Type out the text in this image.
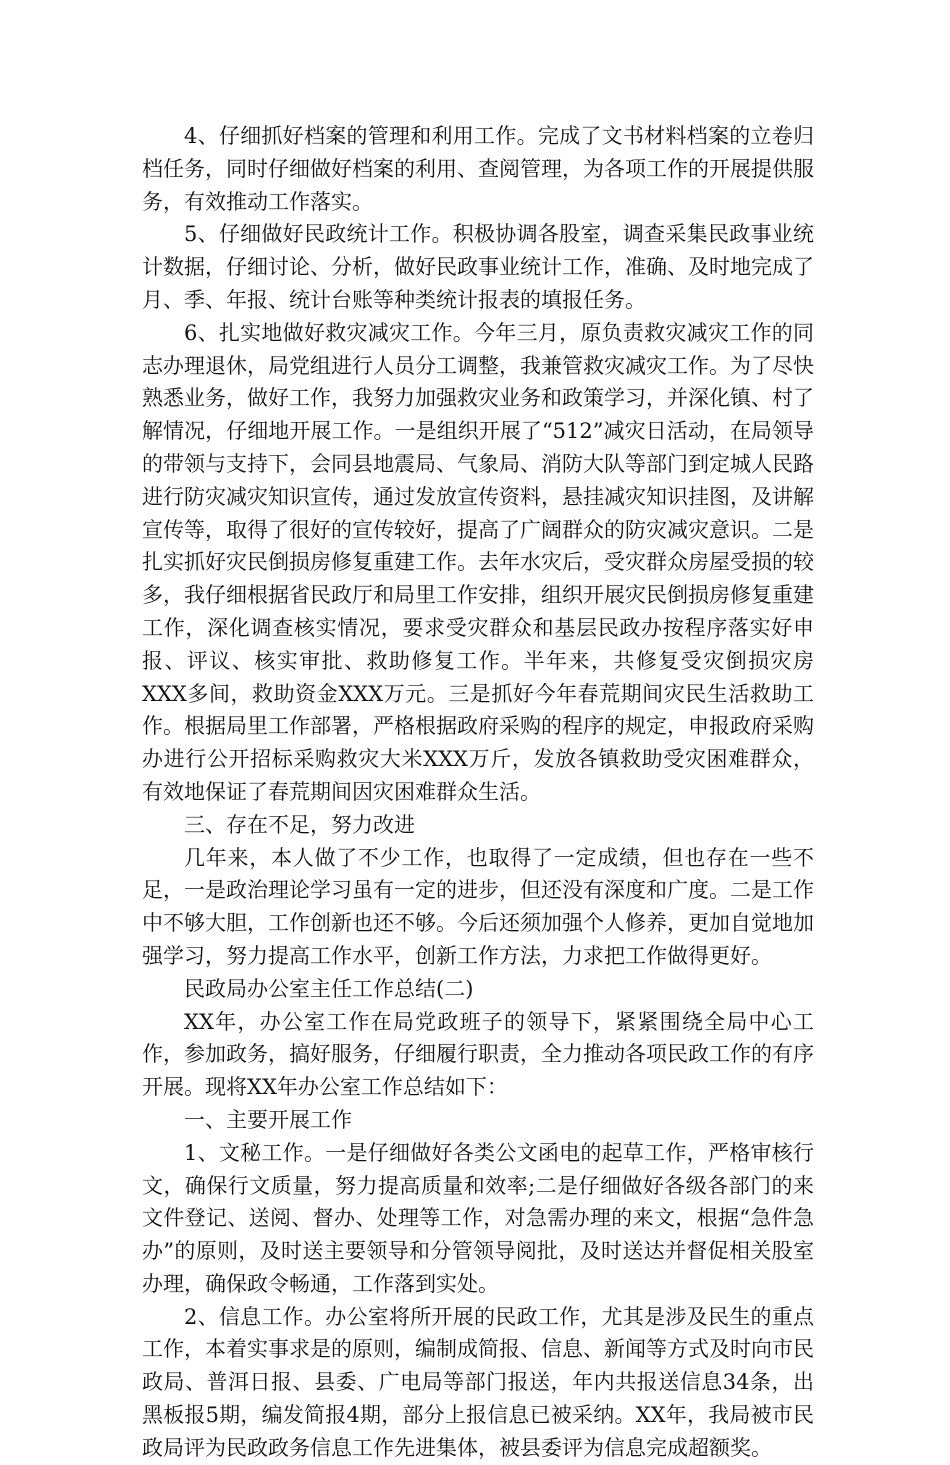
4、仔细抓好档案的管理和利用工作。完成了文书材料档案的立卷归档任务，同时仔细做好档案的利用、查阅管理，为各项工作的开展提供服务，有效推动工作落实。

5、仔细做好民政统计工作。积极协调各股室，调查采集民政事业统计数据，仔细讨论、分析，做好民政事业统计工作，准确、及时地完成了月、季、年报、统计台账等种类统计报表的填报任务。

6、扎实地做好救灾减灾工作。今年三月，原负责救灾减灾工作的同志办理退休，局党组进行人员分工调整，我兼管救灾减灾工作。为了尽快熟悉业务，做好工作，我努力加强救灾业务和政策学习，并深化镇、村了解情况，仔细地开展工作。一是组织开展了“512”减灾日活动，在局领导的带领与支持下，会同县地震局、气象局、消防大队等部门到定城人民路进行防灾减灾知识宣传，通过发放宣传资料，悬挂减灾知识挂图，及讲解宣传等，取得了很好的宣传较好，提高了广阔群众的防灾减灾意识。二是扎实抓好灾民倒损房修复重建工作。去年水灾后，受灾群众房屋受损的较多，我仔细根据省民政厅和局里工作安排，组织开展灾民倒损房修复重建工作，深化调查核实情况，要求受灾群众和基层民政办按程序落实好申报、评议、核实审批、救助修复工作。半年来，共修复受灾倒损灾房XXX多间，救助资金XXX万元。三是抓好今年春荒期间灾民生活救助工作。根据局里工作部署，严格根据政府采购的程序的规定，申报政府采购办进行公开招标采购救灾大米XXX万斤，发放各镇救助受灾困难群众，有效地保证了春荒期间因灾困难群众生活。

三、存在不足，努力改进

几年来，本人做了不少工作，也取得了一定成绩，但也存在一些不足，一是政治理论学习虽有一定的进步，但还没有深度和广度。二是工作中不够大胆，工作创新也还不够。今后还须加强个人修养，更加自觉地加强学习，努力提高工作水平，创新工作方法，力求把工作做得更好。

民政局办公室主任工作总结(二)

XX年，办公室工作在局党政班子的领导下，紧紧围绕全局中心工作，参加政务，搞好服务，仔细履行职责，全力推动各项民政工作的有序开展。现将XX年办公室工作总结如下：

一、主要开展工作

1、文秘工作。一是仔细做好各类公文函电的起草工作，严格审核行文，确保行文质量，努力提高质量和效率;二是仔细做好各级各部门的来文件登记、送阅、督办、处理等工作，对急需办理的来文，根据“急件急办”的原则，及时送主要领导和分管领导阅批，及时送达并督促相关股室办理，确保政令畅通，工作落到实处。

2、信息工作。办公室将所开展的民政工作，尤其是涉及民生的重点工作，本着实事求是的原则，编制成简报、信息、新闻等方式及时向市民政局、普洱日报、县委、广电局等部门报送，年内共报送信息34条，出黑板报5期，编发简报4期，部分上报信息已被采纳。XX年，我局被市民政局评为民政政务信息工作先进集体，被县委评为信息完成超额奖。
